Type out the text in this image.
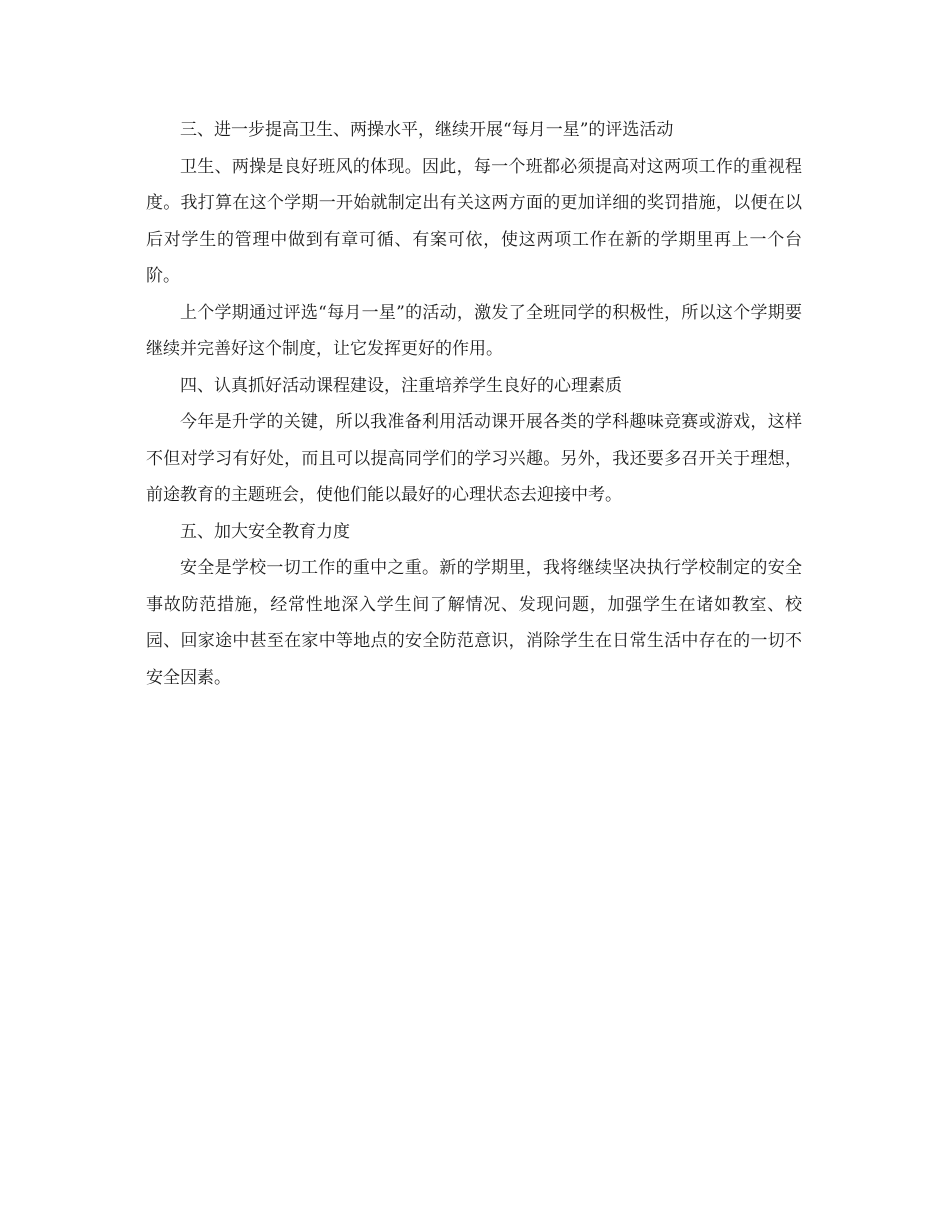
三、进一步提高卫生、两操水平，继续开展“每月一星”的评选活动

卫生、两操是良好班风的体现。因此，每一个班都必须提高对这两项工作的重视程度。我打算在这个学期一开始就制定出有关这两方面的更加详细的奖罚措施，以便在以后对学生的管理中做到有章可循、有案可依，使这两项工作在新的学期里再上一个台阶。

上个学期通过评选“每月一星”的活动，激发了全班同学的积极性，所以这个学期要继续并完善好这个制度，让它发挥更好的作用。

四、认真抓好活动课程建设，注重培养学生良好的心理素质

今年是升学的关键，所以我准备利用活动课开展各类的学科趣味竞赛或游戏，这样不但对学习有好处，而且可以提高同学们的学习兴趣。另外，我还要多召开关于理想，前途教育的主题班会，使他们能以最好的心理状态去迎接中考。

五、加大安全教育力度

安全是学校一切工作的重中之重。新的学期里，我将继续坚决执行学校制定的安全事故防范措施，经常性地深入学生间了解情况、发现问题，加强学生在诸如教室、校园、回家途中甚至在家中等地点的安全防范意识，消除学生在日常生活中存在的一切不安全因素。
